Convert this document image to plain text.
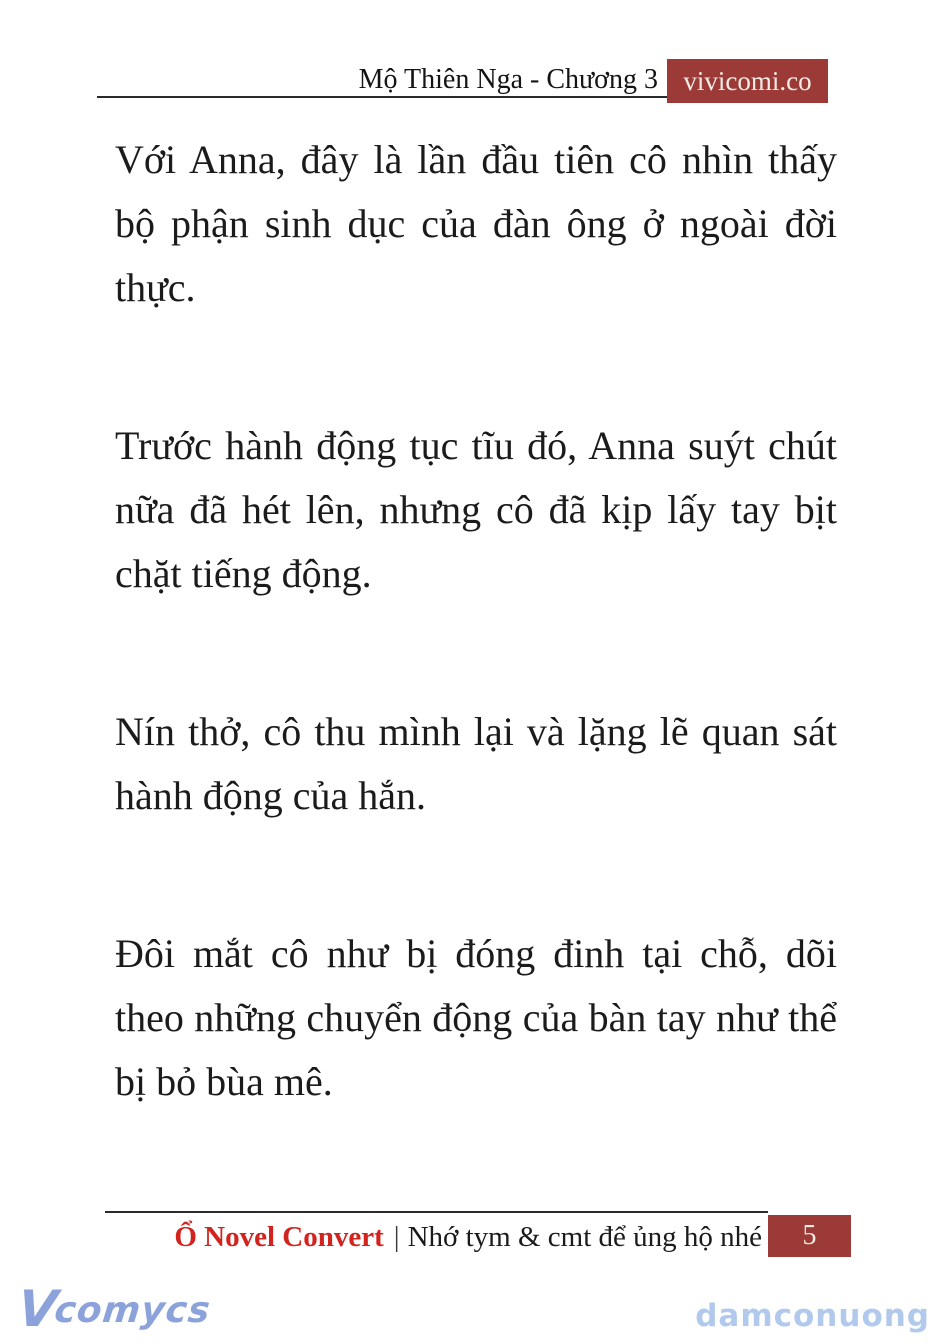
Mộ Thiên Nga - Chương 3 vivicomi.co

Với Anna, đây là lần đầu tiên cô nhìn thấy bộ phận sinh dục của đàn ông ở ngoài đời thực.

Trước hành động tục tĩu đó, Anna suýt chút nữa đã hét lên, nhưng cô đã kịp lấy tay bịt chặt tiếng động.

Nín thở, cô thu mình lại và lặng lẽ quan sát hành động của hắn.

Đôi mắt cô như bị đóng đinh tại chỗ, dõi theo những chuyển động của bàn tay như thể bị bỏ bùa mê.

Ổ Novel Convert | Nhớ tym & cmt để ủng hộ nhé	5
Vcomycs	damconuong
